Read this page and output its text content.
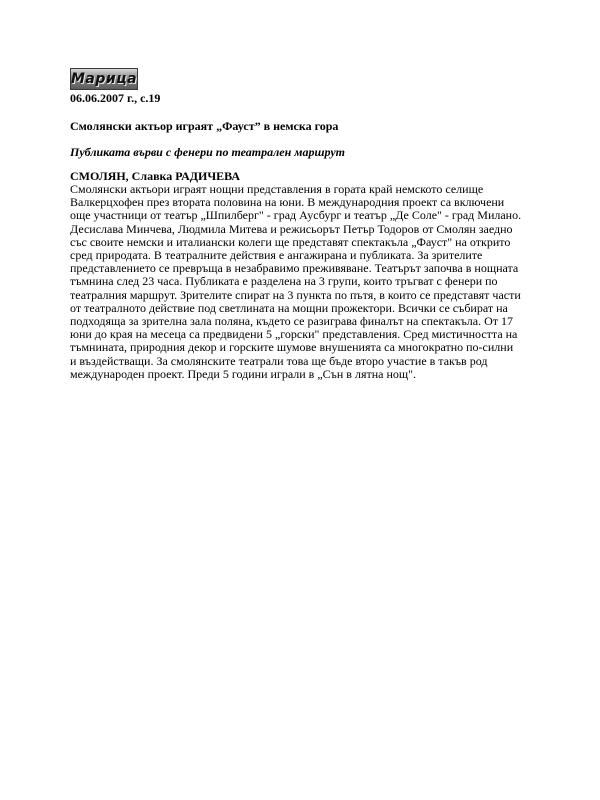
Марица
06.06.2007 г., с.19
Смолянски актьор играят „Фауст” в немска гора
Публиката върви с фенери по театрален маршрут
СМОЛЯН, Славка РАДИЧЕВА
Смолянски актьори играят нощни представления в гората край немското селище
Валкерцхофен през втората половина на юни. В международния проект са включени
още участници от театър „Шпилберг" - град Аусбург и театър „Де Соле" - град Милано.
Десислава Минчева, Людмила Митева и режисьорът Петър Тодоров от Смолян заедно
със своите немски и италиански колеги ще представят спектакъла „Фауст" на открито
сред природата. В театралните действия е ангажирана и публиката. За зрителите
представлението се превръща в незабравимо преживяване. Театърът започва в нощната
тъмнина след 23 часа. Публиката е разделена на 3 групи, които тръгват с фенери по
театралния маршрут. Зрителите спират на 3 пункта по пътя, в които се представят части
от театралното действие под светлината на мощни прожектори. Всички се събират на
подходяща за зрителна зала поляна, където се разиграва финалът на спектакъла. От 17
юни до края на месеца са предвидени 5 „горски" представления. Сред мистичността на
тъмнината, природния декор и горските шумове внушенията са многократно по-силни
и въздействащи. За смолянските театрали това ще бъде второ участие в такъв род
международен проект. Преди 5 години играли в „Сън в лятна нощ".
